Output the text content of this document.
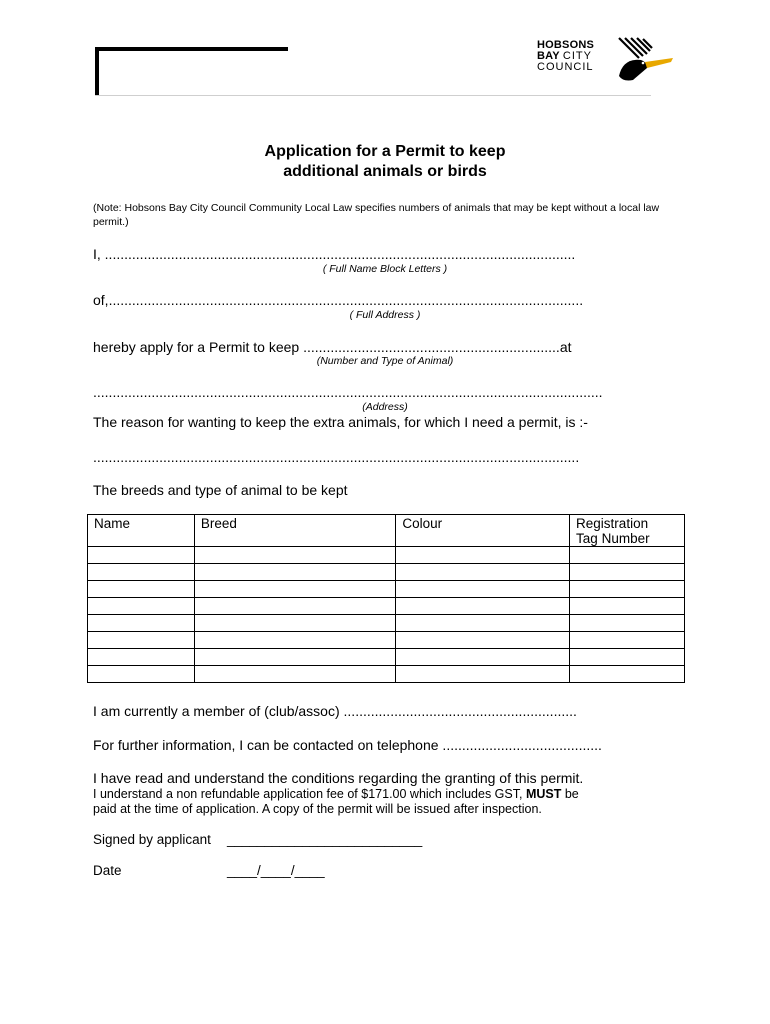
HOBSONS
BAY CITY
COUNCIL
Application for a Permit to keep
additional animals or birds
(Note: Hobsons Bay City Council Community Local Law specifies numbers of animals that may be kept without a local law permit.)
I, .........................................................................................................................
( Full Name Block Letters )
of,..........................................................................................................................
( Full Address )
hereby apply for a Permit to keep ..................................................................at
(Number and Type of Animal)
...................................................................................................................................
(Address)
The reason for wanting to keep the extra animals, for which I need a permit, is :-
.............................................................................................................................
The breeds and type of animal to be kept
Name	Breed	Colour	Registration
Tag Number

I am currently a member of (club/assoc) ............................................................
For further information, I can be contacted on telephone .........................................
I have read and understand the conditions regarding the granting of this permit.
I understand a non refundable application fee of $171.00 which includes GST, MUST be
paid at the time of application. A copy of the permit will be issued after inspection.
Signed by applicant __________________________
Date	____/____/____
